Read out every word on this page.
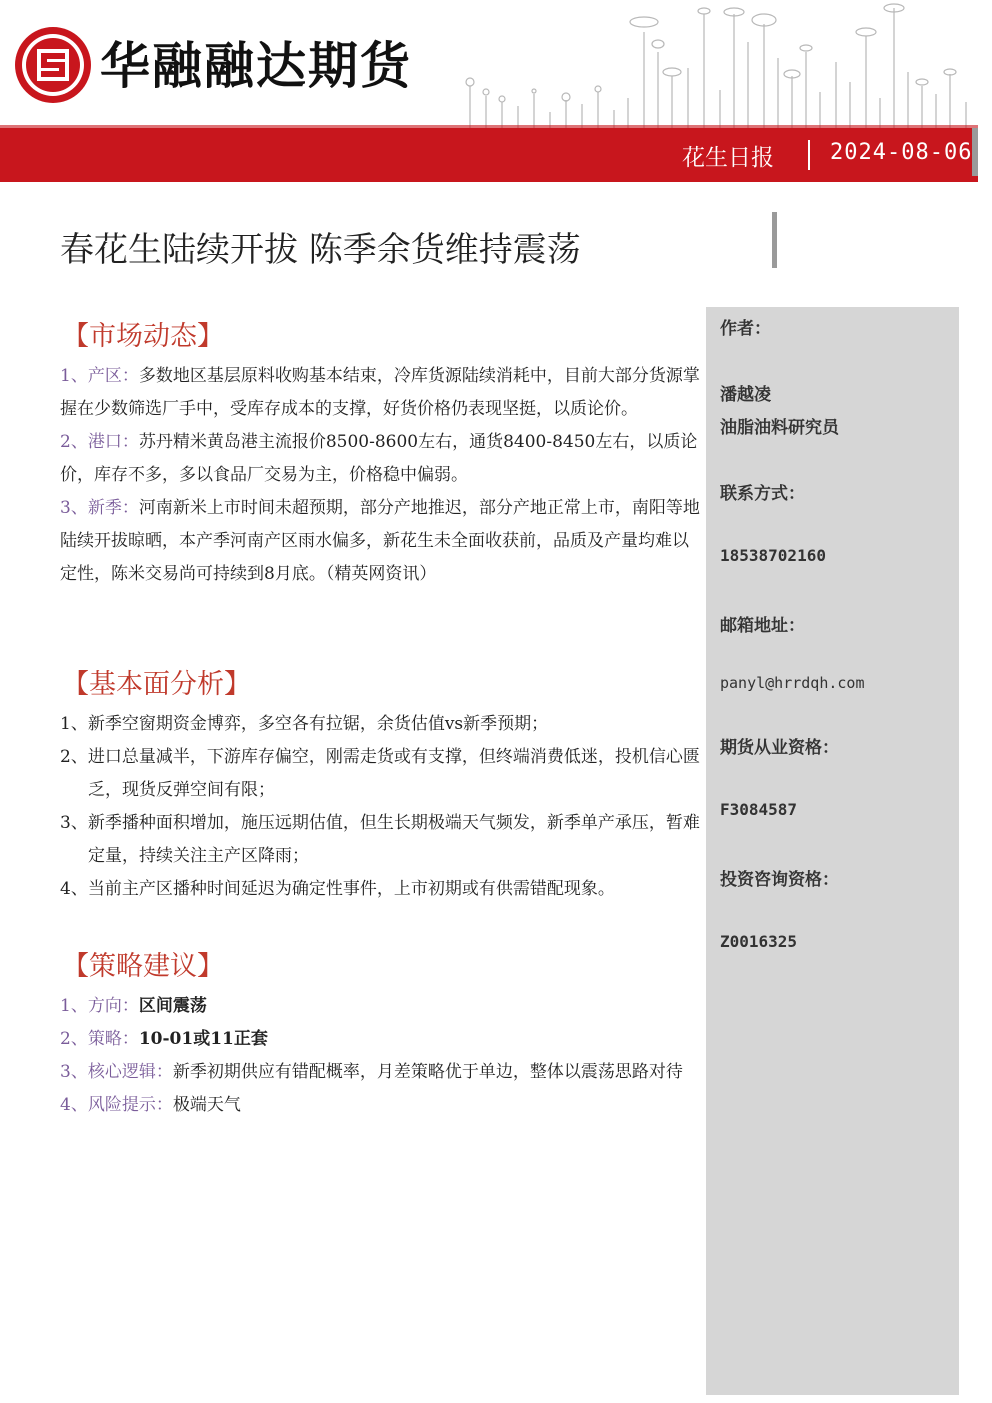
华融融达期货
花生日报	2024-08-06
春花生陆续开拔 陈季余货维持震荡
作者：
潘越凌
油脂油料研究员
联系方式：
18538702160
邮箱地址：
panyl@hrrdqh.com
期货从业资格：
F3084587
投资咨询资格：
Z0016325
【市场动态】

1、产区：多数地区基层原料收购基本结束，冷库货源陆续消耗中，目前大部分货源掌握在少数筛选厂手中，受库存成本的支撑，好货价格仍表现坚挺，以质论价。

2、港口：苏丹精米黄岛港主流报价8500-8600左右，通货8400-8450左右，以质论价，库存不多，多以食品厂交易为主，价格稳中偏弱。

3、新季：河南新米上市时间未超预期，部分产地推迟，部分产地正常上市，南阳等地陆续开拔晾晒，本产季河南产区雨水偏多，新花生未全面收获前，品质及产量均难以定性，陈米交易尚可持续到8月底。（精英网资讯）

【基本面分析】

1、新季空窗期资金博弈，多空各有拉锯，余货估值vs新季预期；

2、进口总量减半，下游库存偏空，刚需走货或有支撑，但终端消费低迷，投机信心匮乏，现货反弹空间有限；

3、新季播种面积增加，施压远期估值，但生长期极端天气频发，新季单产承压，暂难定量，持续关注主产区降雨；

4、当前主产区播种时间延迟为确定性事件，上市初期或有供需错配现象。

【策略建议】

1、方向：区间震荡

2、策略：10-01或11正套

3、核心逻辑：新季初期供应有错配概率，月差策略优于单边，整体以震荡思路对待

4、风险提示：极端天气
